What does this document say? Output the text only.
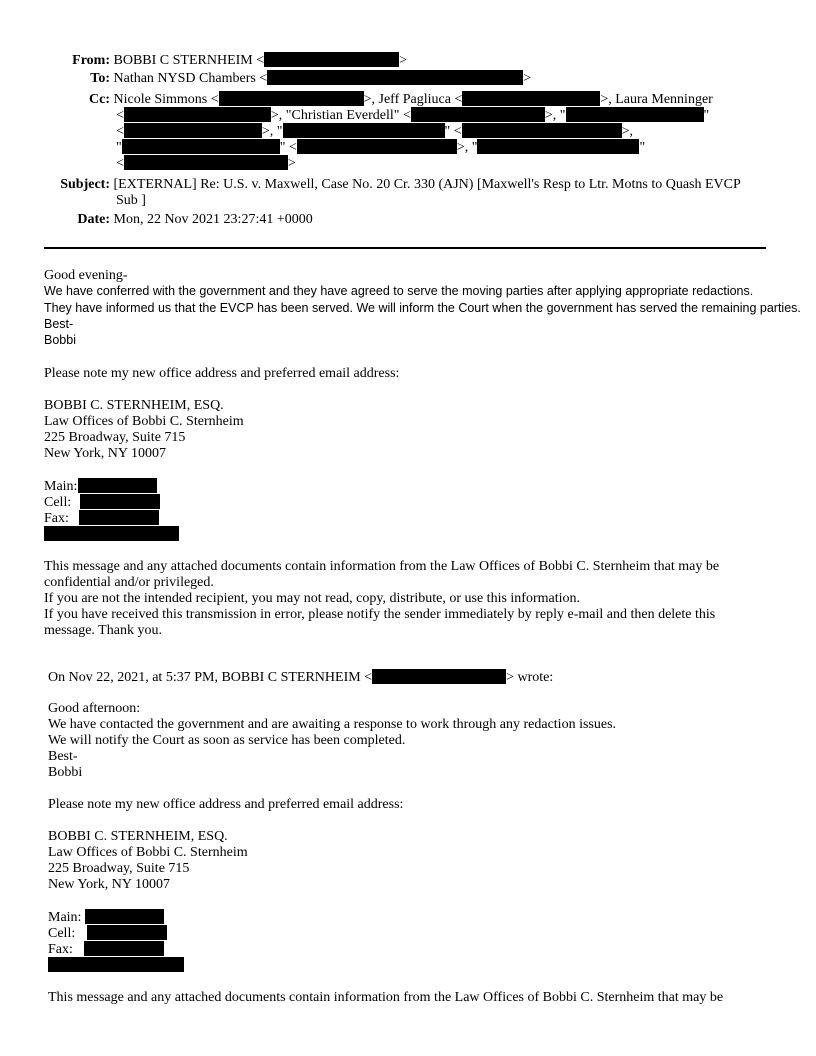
From: BOBBI C STERNHEIM <	>
To: Nathan NYSD Chambers <	>
Cc: Nicole Simmons <	>, Jeff Pagliuca <	>, Laura Menninger
<	>, "Christian Everdell" <	>, "	"
<	>, "	" <	>,
"	" <	>, "	"
<	>
Subject: [EXTERNAL] Re: U.S. v. Maxwell, Case No. 20 Cr. 330 (AJN) [Maxwell's Resp to Ltr. Motns to Quash EVCP
Sub ]
Date: Mon, 22 Nov 2021 23:27:41 +0000
Good evening-
We have conferred with the government and they have agreed to serve the moving parties after applying appropriate redactions.
They have informed us that the EVCP has been served. We will inform the Court when the government has served the remaining parties.
Best-
Bobbi
Please note my new office address and preferred email address:
BOBBI C. STERNHEIM, ESQ.
Law Offices of Bobbi C. Sternheim
225 Broadway, Suite 715
New York, NY 10007
Main:
Cell:
Fax:
This message and any attached documents contain information from the Law Offices of Bobbi C. Sternheim that may be
confidential and/or privileged.
If you are not the intended recipient, you may not read, copy, distribute, or use this information.
If you have received this transmission in error, please notify the sender immediately by reply e-mail and then delete this
message. Thank you.
On Nov 22, 2021, at 5:37 PM, BOBBI C STERNHEIM <	> wrote:
Good afternoon:
We have contacted the government and are awaiting a response to work through any redaction issues.
We will notify the Court as soon as service has been completed.
Best-
Bobbi
Please note my new office address and preferred email address:
BOBBI C. STERNHEIM, ESQ.
Law Offices of Bobbi C. Sternheim
225 Broadway, Suite 715
New York, NY 10007
Main:
Cell:
Fax:
This message and any attached documents contain information from the Law Offices of Bobbi C. Sternheim that may be
